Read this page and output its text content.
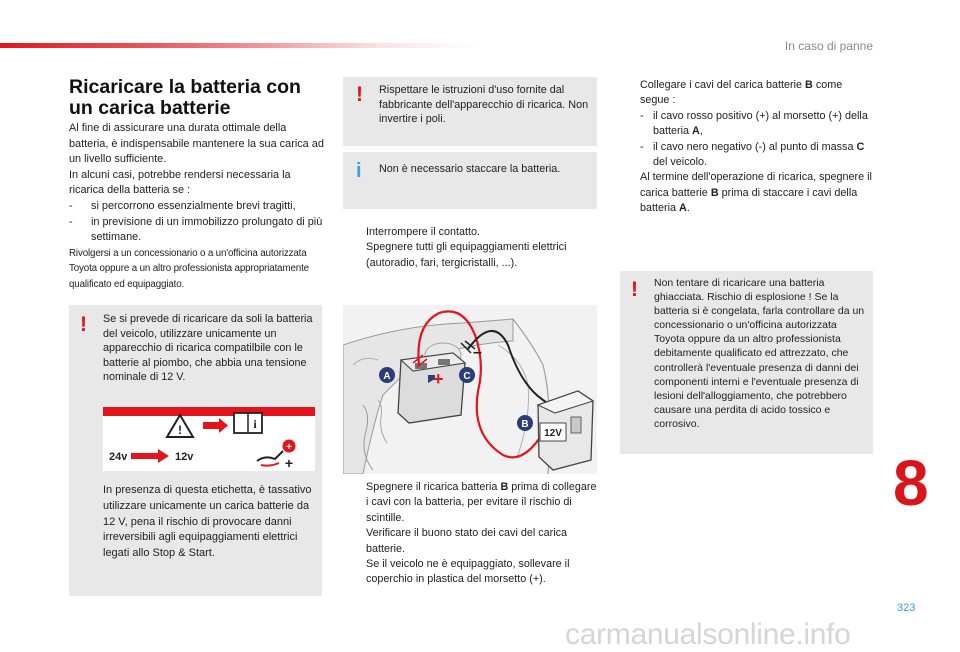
In caso di panne
Ricaricare la batteria con un carica batterie

Al fine di assicurare una durata ottimale della batteria, è indispensabile mantenere la sua carica ad un livello sufficiente.

In alcuni casi, potrebbe rendersi necessaria la ricarica della batteria se :

-	si percorrono essenzialmente brevi tragitti,
-	in previsione di un immobilizzo prolungato di più settimane.

Rivolgersi a un concessionario o a un'officina autorizzata Toyota oppure a un altro professionista appropriatamente qualificato ed equipaggiato.

! Se si prevede di ricaricare da soli la batteria del veicolo, utilizzare unicamente un apparecchio di ricarica compatilbile con le batterie al piombo, che abbia una tensione nominale di 12 V.
!	i
24v	12v
+
+
In presenza di questa etichetta, è tassativo utilizzare unicamente un carica batterie da 12 V, pena il rischio di provocare danni irreversibili agli equipaggiamenti elettrici legati allo Stop & Start.
! Rispettare le istruzioni d'uso fornite dal fabbricante dell'apparecchio di ricarica. Non invertire i poli.
i Non è necessario staccare la batteria.
Interrompere il contatto.
Spegnere tutti gli equipaggiamenti elettrici (autoradio, fari, tergicristalli, ...).
+
–
12V
A	C
B
Spegnere il ricarica batteria B prima di collegare i cavi con la batteria, per evitare il rischio di scintille.
Verificare il buono stato dei cavi del carica batterie.
Se il veicolo ne è equipaggiato, sollevare il coperchio in plastica del morsetto (+).
Collegare i cavi del carica batterie B come segue :
- il cavo rosso positivo (+) al morsetto (+) della batteria A,
- il cavo nero negativo (-) al punto di massa C del veicolo.
Al termine dell'operazione di ricarica, spegnere il carica batterie B prima di staccare i cavi della batteria A.
! Non tentare di ricaricare una batteria ghiacciata. Rischio di esplosione ! Se la batteria si è congelata, farla controllare da un concessionario o un'officina autorizzata Toyota oppure da un altro professionista debitamente qualificato ed attrezzato, che controllerà l'eventuale presenza di danni dei componenti interni e l'eventuale presenza di lesioni dell'alloggiamento, che potrebbero causare una perdita di acido tossico e corrosivo.
8
323
carmanualsonline.info
